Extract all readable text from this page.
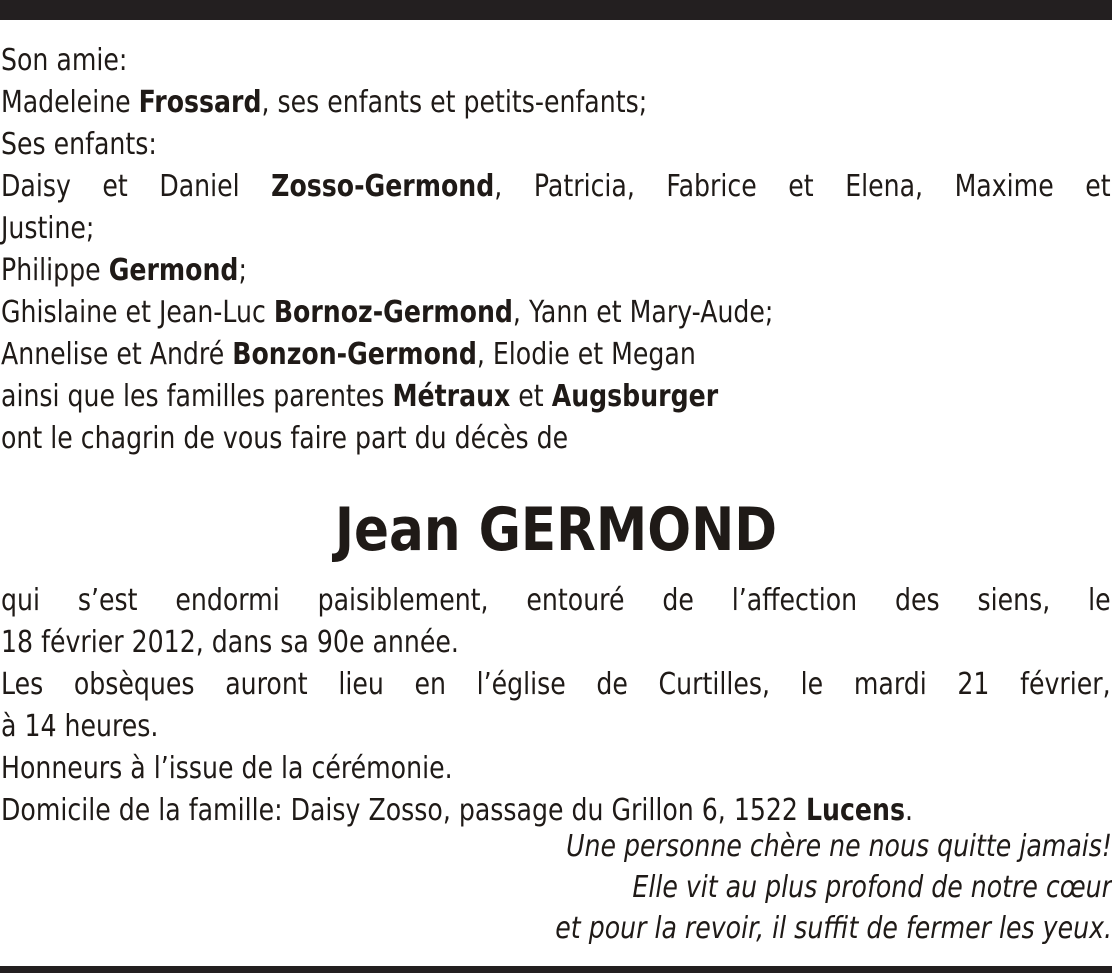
Son amie:
Madeleine Frossard, ses enfants et petits-enfants;
Ses enfants:
Daisy et Daniel Zosso-Germond, Patricia, Fabrice et Elena, Maxime et
Justine;
Philippe Germond;
Ghislaine et Jean-Luc Bornoz-Germond, Yann et Mary-Aude;
Annelise et André Bonzon-Germond, Elodie et Megan
ainsi que les familles parentes Métraux et Augsburger
ont le chagrin de vous faire part du décès de
Jean GERMOND
qui s’est endormi paisiblement, entouré de l’affection des siens, le
18 février 2012, dans sa 90e année.
Les obsèques auront lieu en l’église de Curtilles, le mardi 21 février,
à 14 heures.
Honneurs à l’issue de la cérémonie.
Domicile de la famille: Daisy Zosso, passage du Grillon 6, 1522 Lucens.
Une personne chère ne nous quitte jamais!
Elle vit au plus profond de notre cœur
et pour la revoir, il suffit de fermer les yeux.
